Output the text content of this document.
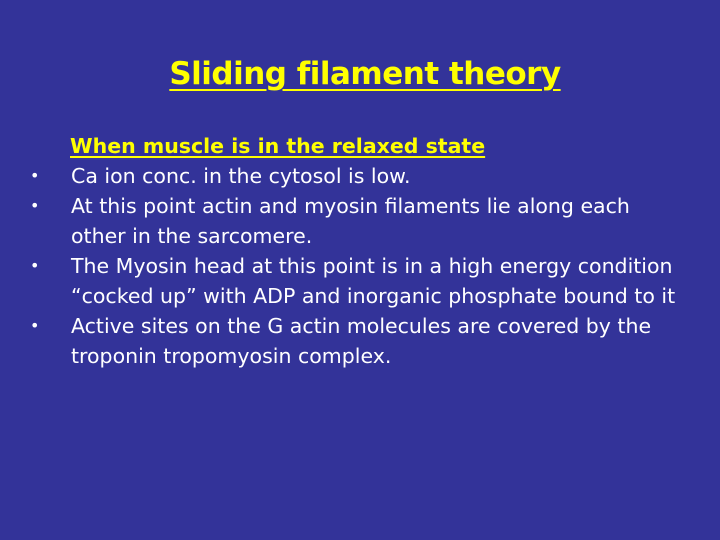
Sliding filament theory
When muscle is in the relaxed state
• Ca ion conc. in the cytosol is low.
• At this point actin and myosin filaments lie along each other in the sarcomere.
• The Myosin head at this point is in a high energy condition “cocked up” with ADP and inorganic phosphate bound to it
• Active sites on the G actin molecules are covered by the troponin tropomyosin complex.
